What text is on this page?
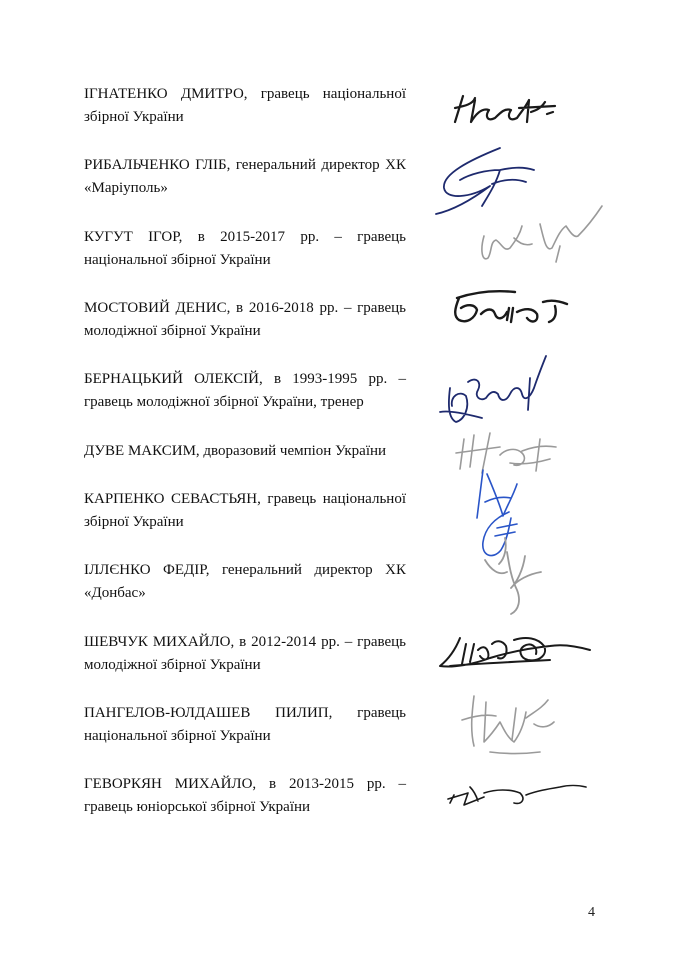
ІГНАТЕНКО ДМИТРО, гравець національної збірної України
РИБАЛЬЧЕНКО ГЛІБ, генеральний директор ХК «Маріуполь»
КУГУТ ІГОР, в 2015-2017 рр. – гравець національної збірної України
МОСТОВИЙ ДЕНИС, в 2016-2018 рр. – гравець молодіжної збірної України
БЕРНАЦЬКИЙ ОЛЕКСІЙ, в 1993-1995 рр. – гравець молодіжної збірної України, тренер
ДУВЕ МАКСИМ, дворазовий чемпіон України
КАРПЕНКО СЕВАСТЬЯН, гравець національної збірної України
ІЛЛЄНКО ФЕДІР, генеральний директор ХК «Донбас»
ШЕВЧУК МИХАЙЛО, в 2012-2014 рр. – гравець молодіжної збірної України
ПАНГЕЛОВ-ЮЛДАШЕВ ПИЛИП, гравець національної збірної України
ГЕВОРКЯН МИХАЙЛО, в 2013-2015 рр. – гравець юніорської збірної України
4
